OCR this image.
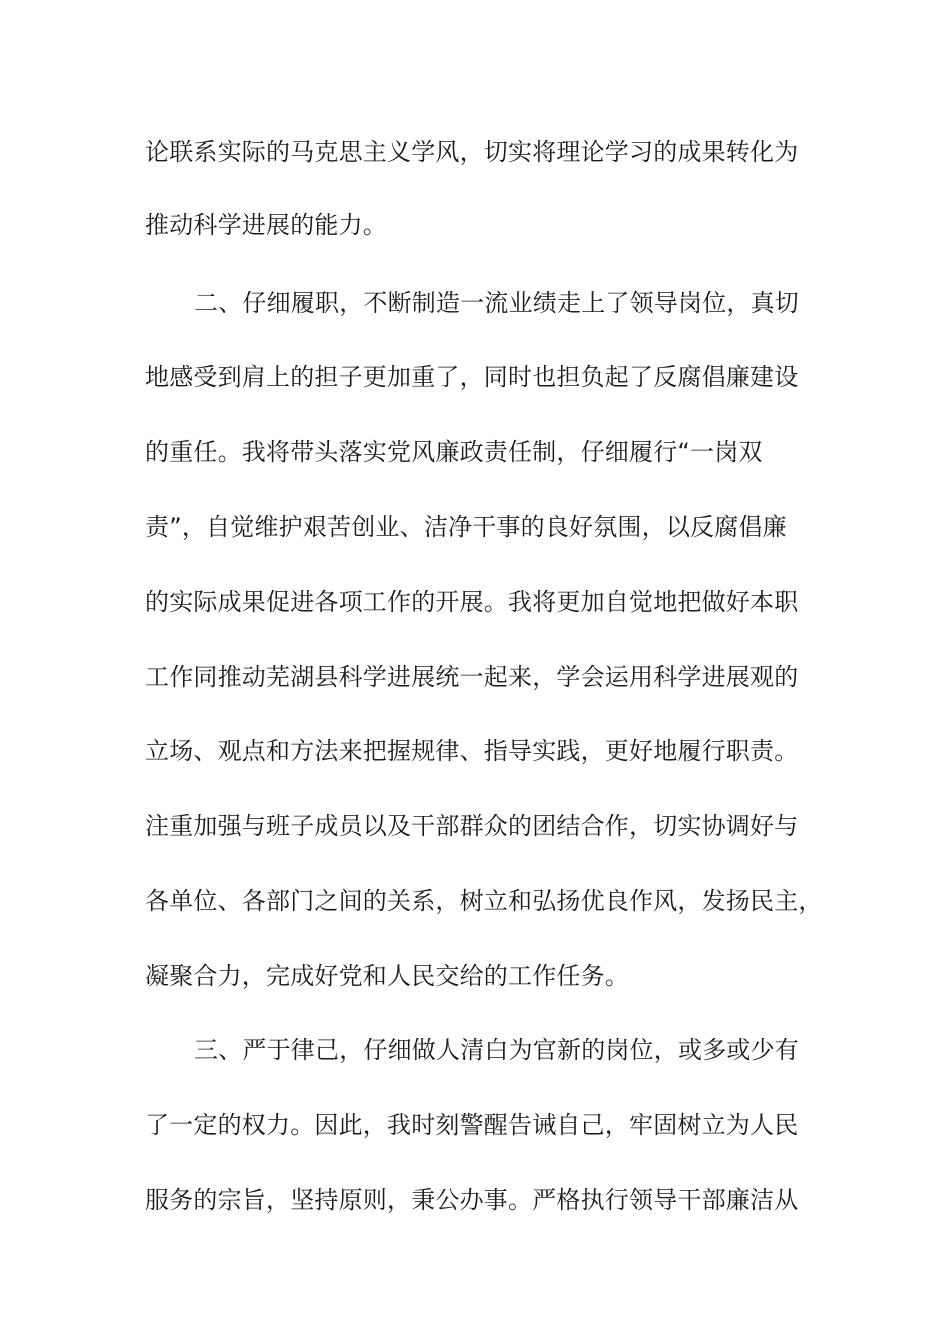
论联系实际的马克思主义学风，切实将理论学习的成果转化为
推动科学进展的能力。
二、仔细履职，不断制造一流业绩走上了领导岗位，真切
地感受到肩上的担子更加重了，同时也担负起了反腐倡廉建设
的重任。我将带头落实党风廉政责任制，仔细履行“一岗双
责”，自觉维护艰苦创业、洁净干事的良好氛围，以反腐倡廉
的实际成果促进各项工作的开展。我将更加自觉地把做好本职
工作同推动芜湖县科学进展统一起来，学会运用科学进展观的
立场、观点和方法来把握规律、指导实践，更好地履行职责。
注重加强与班子成员以及干部群众的团结合作，切实协调好与
各单位、各部门之间的关系，树立和弘扬优良作风，发扬民主，
凝聚合力，完成好党和人民交给的工作任务。
三、严于律己，仔细做人清白为官新的岗位，或多或少有
了一定的权力。因此，我时刻警醒告诫自己，牢固树立为人民
服务的宗旨，坚持原则，秉公办事。严格执行领导干部廉洁从
